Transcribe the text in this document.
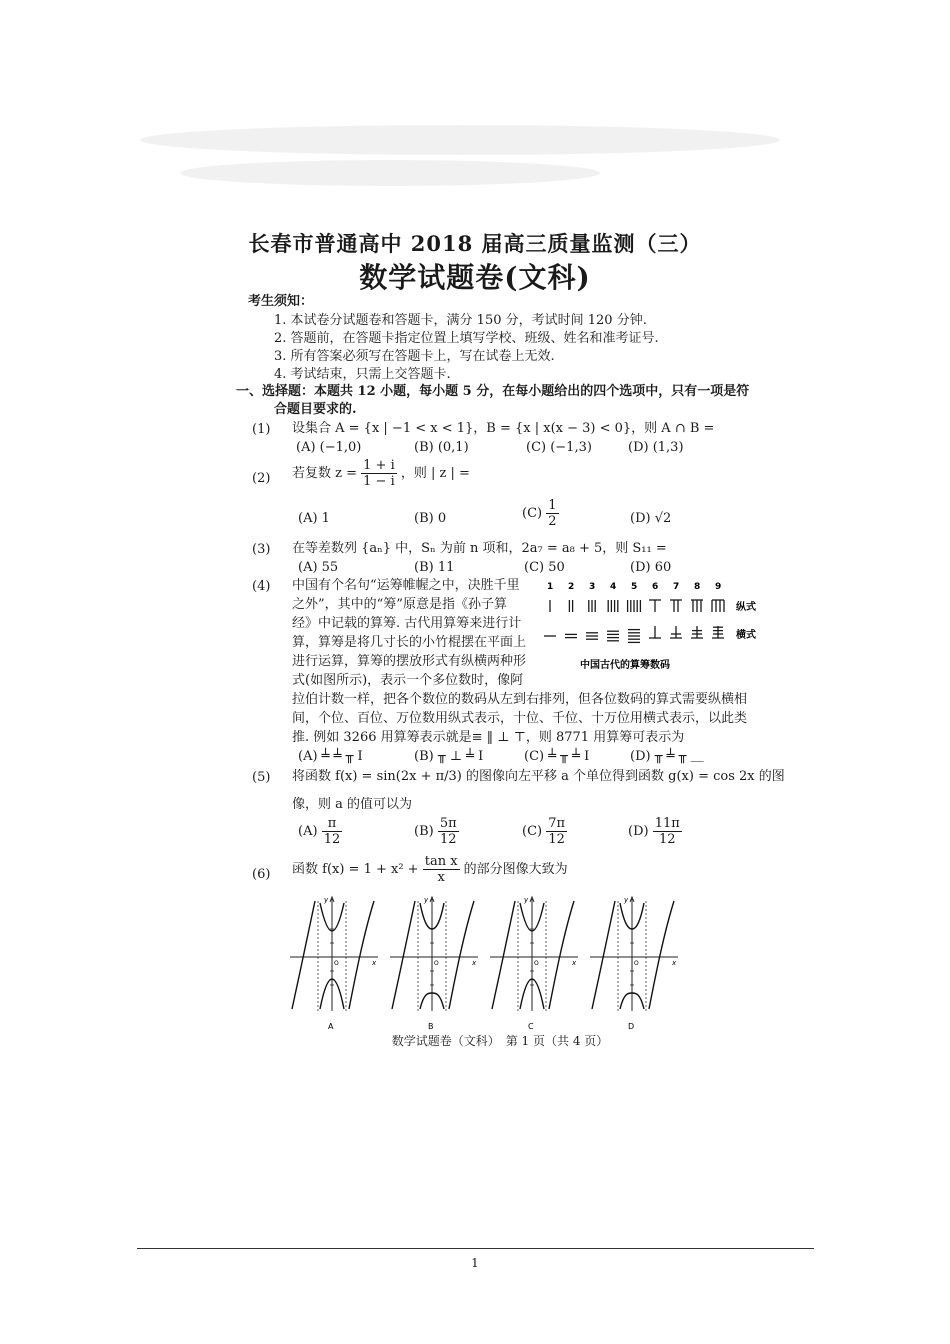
长春市普通高中 2018 届高三质量监测（三）
数学试题卷(文科)
考生须知：
1. 本试卷分试题卷和答题卡，满分 150 分，考试时间 120 分钟.
2. 答题前，在答题卡指定位置上填写学校、班级、姓名和准考证号.
3. 所有答案必须写在答题卡上，写在试卷上无效.
4. 考试结束，只需上交答题卡.
一、选择题：本题共 12 小题，每小题 5 分，在每小题给出的四个选项中，只有一项是符
合题目要求的.
(1) 设集合 A = {x | −1 < x < 1}，B = {x | x(x − 3) < 0}，则 A ∩ B =
(A) (−1,0)	(B) (0,1)	(C) (−1,3)	(D) (1,3)
(2) 若复数 $z = \frac{1 + i}{1 - i}$ ，则 | z | =
(A) 1	(B) 0	$(C) \frac{1}{2}$	(D) √2
(3) 在等差数列 {aₙ} 中，Sₙ 为前 n 项和，2a₇ = a₈ + 5，则 S₁₁ =
(A) 55	(B) 11	(C) 50	(D) 60
(4) 中国有个名句“运筹帷幄之中，决胜千里
之外”，其中的“筹”原意是指《孙子算
经》中记载的算筹. 古代用算筹来进行计
算，算筹是将几寸长的小竹棍摆在平面上
进行运算，算筹的摆放形式有纵横两种形
式(如图所示)，表示一个多位数时，像阿
拉伯计数一样，把各个数位的数码从左到右排列，但各位数码的算式需要纵横相
间，个位、百位、万位数用纵式表示，十位、千位、十万位用横式表示，以此类
推. 例如 3266 用算筹表示就是≡ ‖ ⊥ ⊤，则 8771 用算筹可表示为
(A) ╧ ╧ ╥ Ⅰ	(B) ╥ ⊥ ╧ Ⅰ	(C) ╧ ╥ ╧ Ⅰ	(D) ╥ ╧ ╥ ＿
1 2 3 4 5 6 7 8 9
纵式
横式
中国古代的算筹数码
(5) 将函数 f(x) = sin(2x + π/3) 的图像向左平移 a 个单位得到函数 g(x) = cos 2x 的图
像，则 a 的值可以为
$(A) \frac{\pi}{12}$	$(B) \frac{5\pi}{12}$	$(C) \frac{7\pi}{12}$	$(D) \frac{11\pi}{12}$
(6) 函数 $f(x) = 1 + x^2 + \frac{\text{tan x}}{x}$ 的部分图像大致为
y
x
O
A
y
x
O
B
y
x
O
C
y
x
O
D
数学试题卷（文科）　第 1 页（共 4 页）
1
